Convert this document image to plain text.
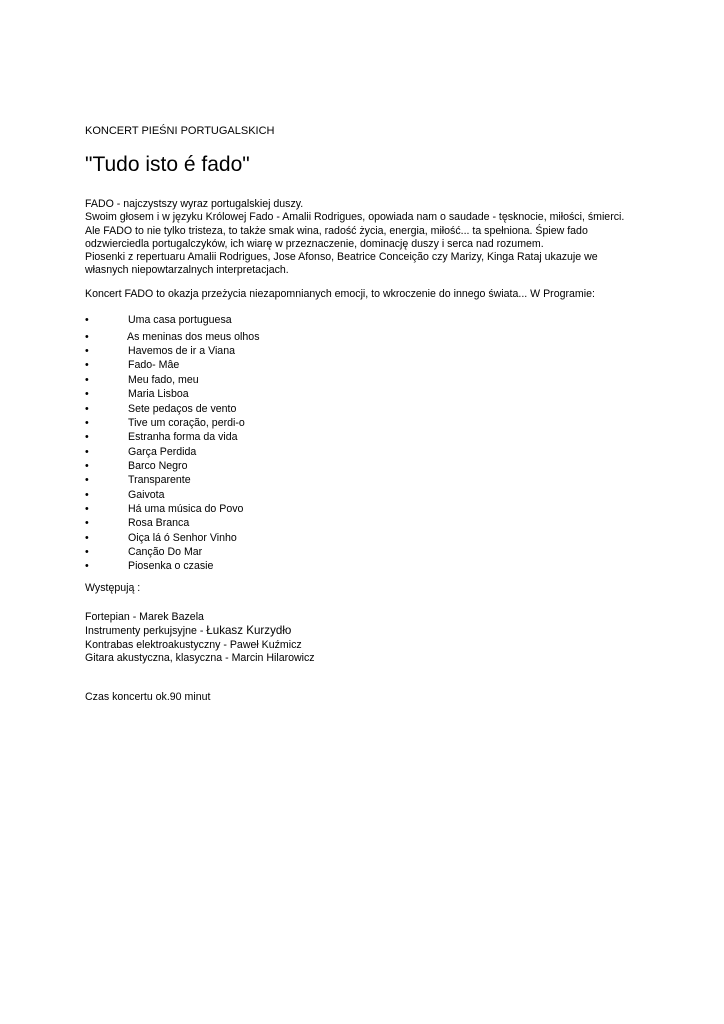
KONCERT PIEŚNI PORTUGALSKICH

"Tudo isto é fado"

FADO - najczystszy wyraz portugalskiej duszy.

Swoim głosem i w języku Królowej Fado - Amalii Rodrigues, opowiada nam o saudade - tęsknocie, miłości, śmierci.

Ale FADO to nie tylko tristeza, to także smak wina, radość życia, energia, miłość... ta spełniona. Śpiew fado

odzwierciedla portugalczyków, ich wiarę w przeznaczenie, dominację duszy i serca nad rozumem.

Piosenki z repertuaru Amalii Rodrigues, Jose Afonso, Beatrice Conceição czy Marizy, Kinga Rataj ukazuje we

własnych niepowtarzalnych interpretacjach.

Koncert FADO to okazja przeżycia niezapomnianych emocji, to wkroczenie do innego świata... W Programie:

•	Uma casa portuguesa
•	As meninas dos meus olhos
•	Havemos de ir a Viana
•	Fado- Mâe
•	Meu fado, meu
•	Maria Lisboa
•	Sete pedaços de vento
•	Tive um coração, perdi-o
•	Estranha forma da vida
•	Garça Perdida
•	Barco Negro
•	Transparente
•	Gaivota
•	Há uma música do Povo
•	Rosa Branca
•	Oiça lá ó Senhor Vinho
•	Canção Do Mar
•	Piosenka o czasie

Występują :

Fortepian - Marek Bazela

Instrumenty perkujsyjne - Łukasz Kurzydło

Kontrabas elektroakustyczny - Paweł Kuźmicz

Gitara akustyczna, klasyczna - Marcin Hilarowicz

Czas koncertu ok.90 minut
